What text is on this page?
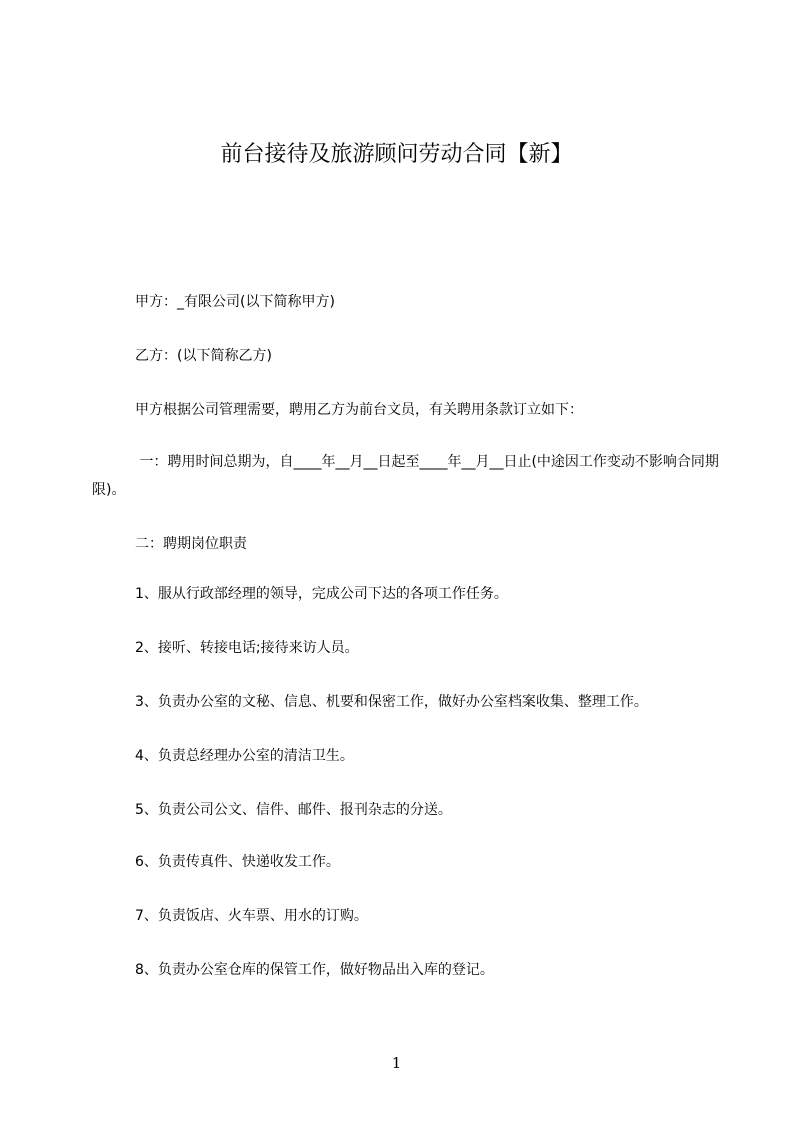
前台接待及旅游顾问劳动合同【新】

甲方：_有限公司(以下简称甲方)

乙方：(以下简称乙方)

甲方根据公司管理需要，聘用乙方为前台文员，有关聘用条款订立如下：

一：聘用时间总期为，自____年__月__日起至____年__月__日止(中途因工作变动不影响合同期限)。

二：聘期岗位职责

1、服从行政部经理的领导，完成公司下达的各项工作任务。

2、接听、转接电话;接待来访人员。

3、负责办公室的文秘、信息、机要和保密工作，做好办公室档案收集、整理工作。

4、负责总经理办公室的清洁卫生。

5、负责公司公文、信件、邮件、报刊杂志的分送。

6、负责传真件、快递收发工作。

7、负责饭店、火车票、用水的订购。

8、负责办公室仓库的保管工作，做好物品出入库的登记。

1
